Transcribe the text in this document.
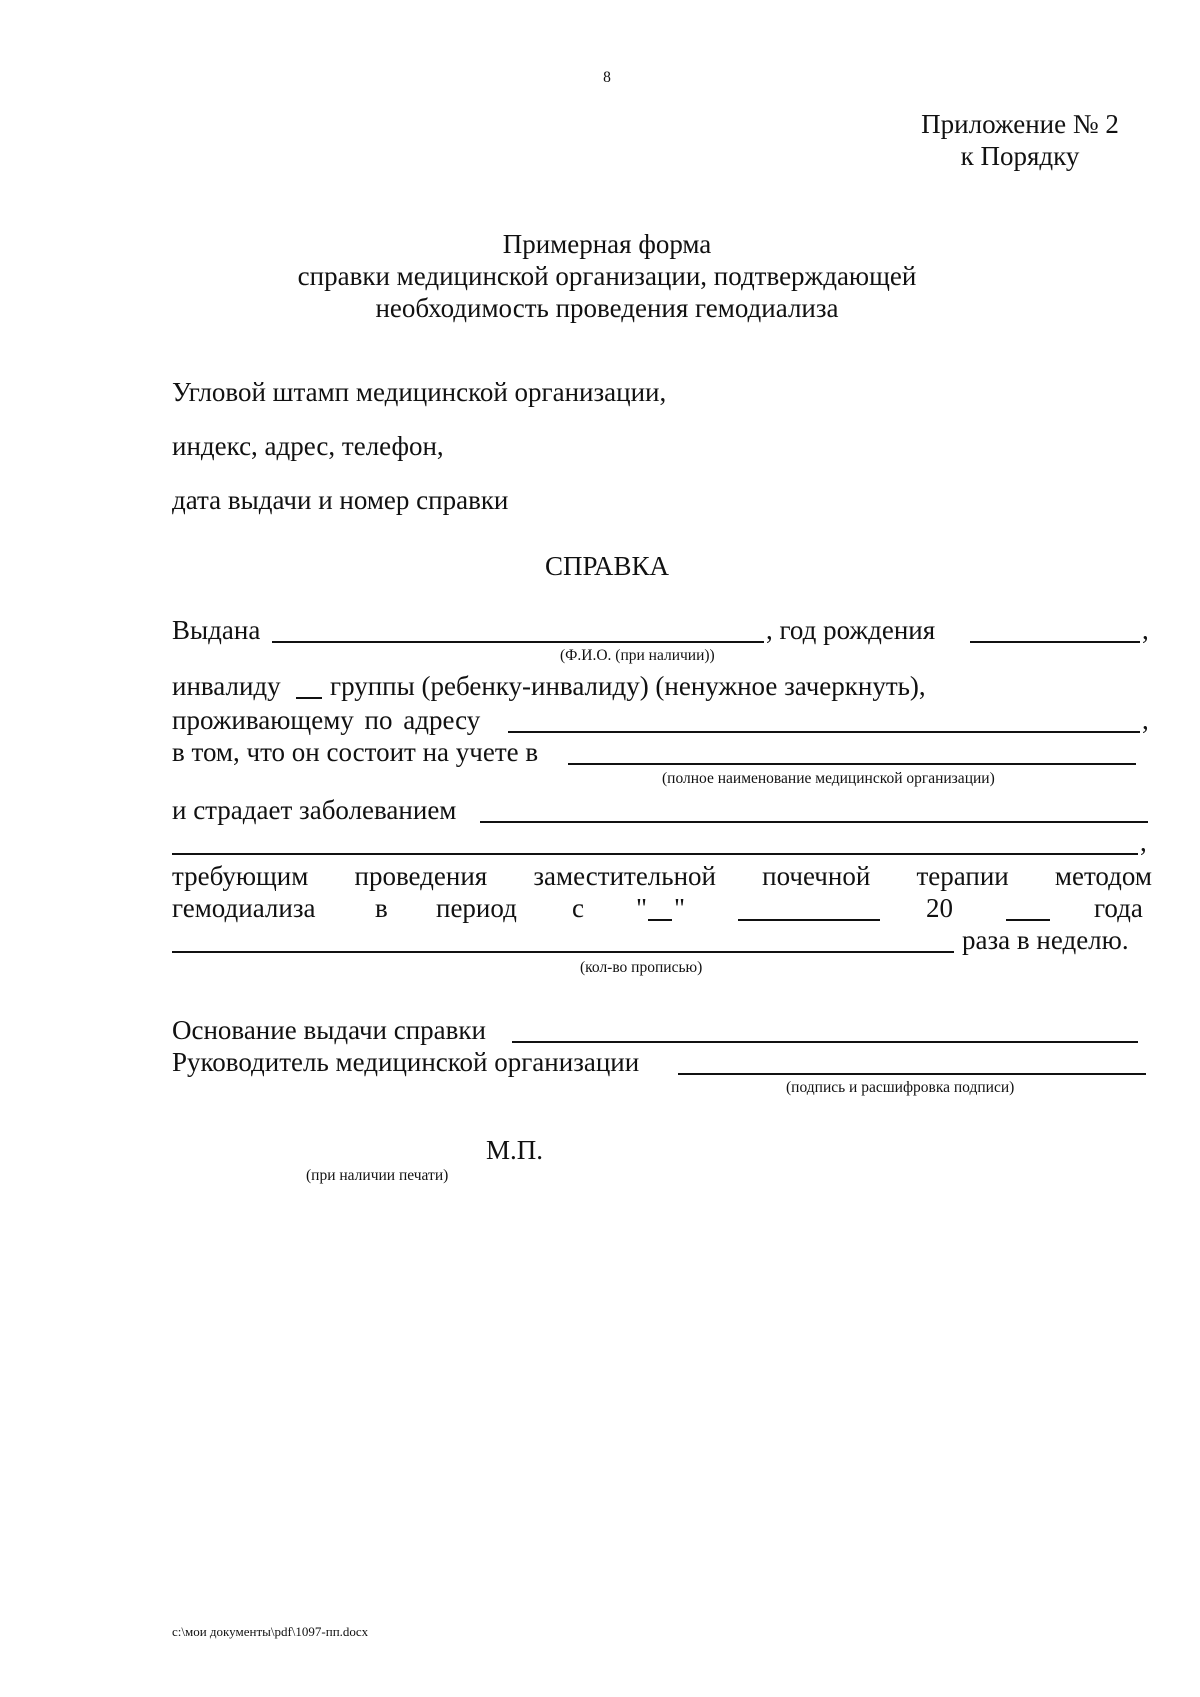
8
Приложение № 2
к Порядку
Примерная форма
справки медицинской организации, подтверждающей
необходимость проведения гемодиализа
Угловой штамп медицинской организации,
индекс, адрес, телефон,
дата выдачи и номер справки
СПРАВКА
Выдана	, год рождения	,
(Ф.И.О. (при наличии))
инвалиду группы (ребенку-инвалиду) (ненужное зачеркнуть),
проживающему по адресу	,
в том, что он состоит на учете в
(полное наименование медицинской организации)
и страдает заболеванием
,
требующим проведения заместительной почечной терапии методом
гемодиализа в период с " "	20	года
раза в неделю.
(кол-во прописью)
Основание выдачи справки
Руководитель медицинской организации
(подпись и расшифровка подписи)
М.П.
(при наличии печати)
c:\мои документы\pdf\1097-пп.docx
